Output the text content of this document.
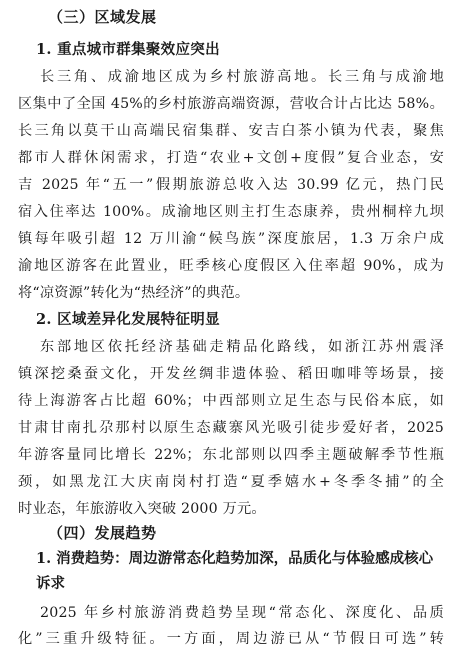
（三）区域发展
1. 重点城市群集聚效应突出
长三角、成渝地区成为乡村旅游高地。长三角与成渝地
区集中了全国 45%的乡村旅游高端资源，营收合计占比达 58%。
长三角以莫干山高端民宿集群、安吉白茶小镇为代表，聚焦
都市人群休闲需求，打造“农业+文创+度假”复合业态，安
吉 2025 年“五一”假期旅游总收入达 30.99 亿元，热门民
宿入住率达 100%。成渝地区则主打生态康养，贵州桐梓九坝
镇每年吸引超 12 万川渝“候鸟族”深度旅居，1.3 万余户成
渝地区游客在此置业，旺季核心度假区入住率超 90%，成为
将“凉资源”转化为“热经济”的典范。
2. 区域差异化发展特征明显
东部地区依托经济基础走精品化路线，如浙江苏州震泽
镇深挖桑蚕文化，开发丝绸非遗体验、稻田咖啡等场景，接
待上海游客占比超 60%；中西部则立足生态与民俗本底，如
甘肃甘南扎尕那村以原生态藏寨风光吸引徒步爱好者，2025
年游客量同比增长 22%；东北部则以四季主题破解季节性瓶
颈，如黑龙江大庆南岗村打造“夏季嬉水+冬季冬捕”的全
时业态，年旅游收入突破 2000 万元。
（四）发展趋势
1. 消费趋势：周边游常态化趋势加深，品质化与体验感成核心诉求
2025 年乡村旅游消费趋势呈现“常态化、深度化、品质
化”三重升级特征。一方面，周边游已从“节假日可选”转
